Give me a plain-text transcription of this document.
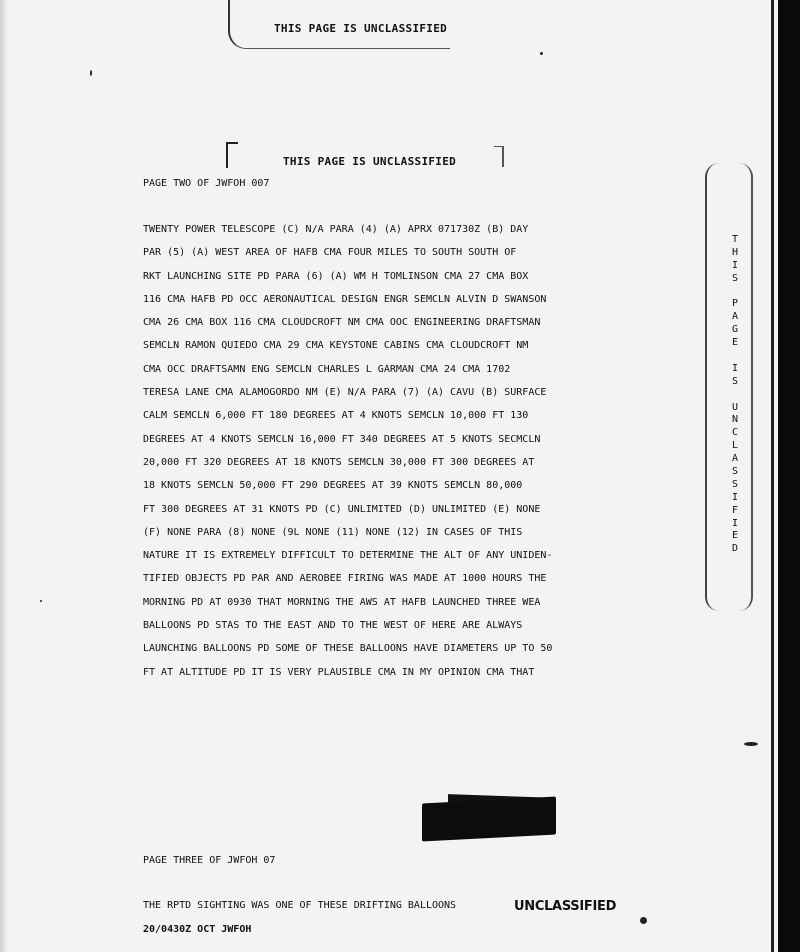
THIS PAGE IS UNCLASSIFIED
THIS PAGE IS UNCLASSIFIED
PAGE TWO OF JWFOH 007
TWENTY POWER TELESCOPE (C) N/A PARA (4) (A) APRX 071730Z (B) DAY
PAR (5) (A) WEST AREA OF HAFB CMA FOUR MILES TO SOUTH SOUTH OF
RKT LAUNCHING SITE PD PARA (6) (A) WM H TOMLINSON CMA 27 CMA BOX
116 CMA HAFB PD OCC AERONAUTICAL DESIGN ENGR SEMCLN ALVIN D SWANSON
CMA 26 CMA BOX 116 CMA CLOUDCROFT NM CMA OOC ENGINEERING DRAFTSMAN
SEMCLN RAMON QUIEDO CMA 29 CMA KEYSTONE CABINS CMA CLOUDCROFT NM
CMA OCC DRAFTSAMN ENG SEMCLN CHARLES L GARMAN CMA 24 CMA 1702
TERESA LANE CMA ALAMOGORDO NM (E) N/A PARA (7) (A) CAVU (B) SURFACE
CALM SEMCLN 6,000 FT 180 DEGREES AT 4 KNOTS SEMCLN 10,000 FT 130
DEGREES AT 4 KNOTS SEMCLN 16,000 FT 340 DEGREES AT 5 KNOTS SECMCLN
20,000 FT 320 DEGREES AT 18 KNOTS SEMCLN 30,000 FT 300 DEGREES AT
18 KNOTS SEMCLN 50,000 FT 290 DEGREES AT 39 KNOTS SEMCLN 80,000
FT 300 DEGREES AT 31 KNOTS PD (C) UNLIMITED (D) UNLIMITED (E) NONE
(F) NONE PARA (8) NONE (9L NONE (11) NONE (12) IN CASES OF THIS
NATURE IT IS EXTREMELY DIFFICULT TO DETERMINE THE ALT OF ANY UNIDEN-
TIFIED OBJECTS PD PAR AND AEROBEE FIRING WAS MADE AT 1000 HOURS THE
MORNING PD AT 0930 THAT MORNING THE AWS AT HAFB LAUNCHED THREE WEA
BALLOONS PD STAS TO THE EAST AND TO THE WEST OF HERE ARE ALWAYS
LAUNCHING BALLOONS PD SOME OF THESE BALLOONS HAVE DIAMETERS UP TO 50
FT AT ALTITUDE PD IT IS VERY PLAUSIBLE CMA IN MY OPINION CMA THAT
T
H
I
S
P
A
G
E
I
S
U
N
C
L
A
S
S
I
F
I
E
D
PAGE THREE OF JWFOH 07
THE RPTD SIGHTING WAS ONE OF THESE DRIFTING BALLOONS	UNCLASSIFIED
20/0430Z OCT JWFOH
